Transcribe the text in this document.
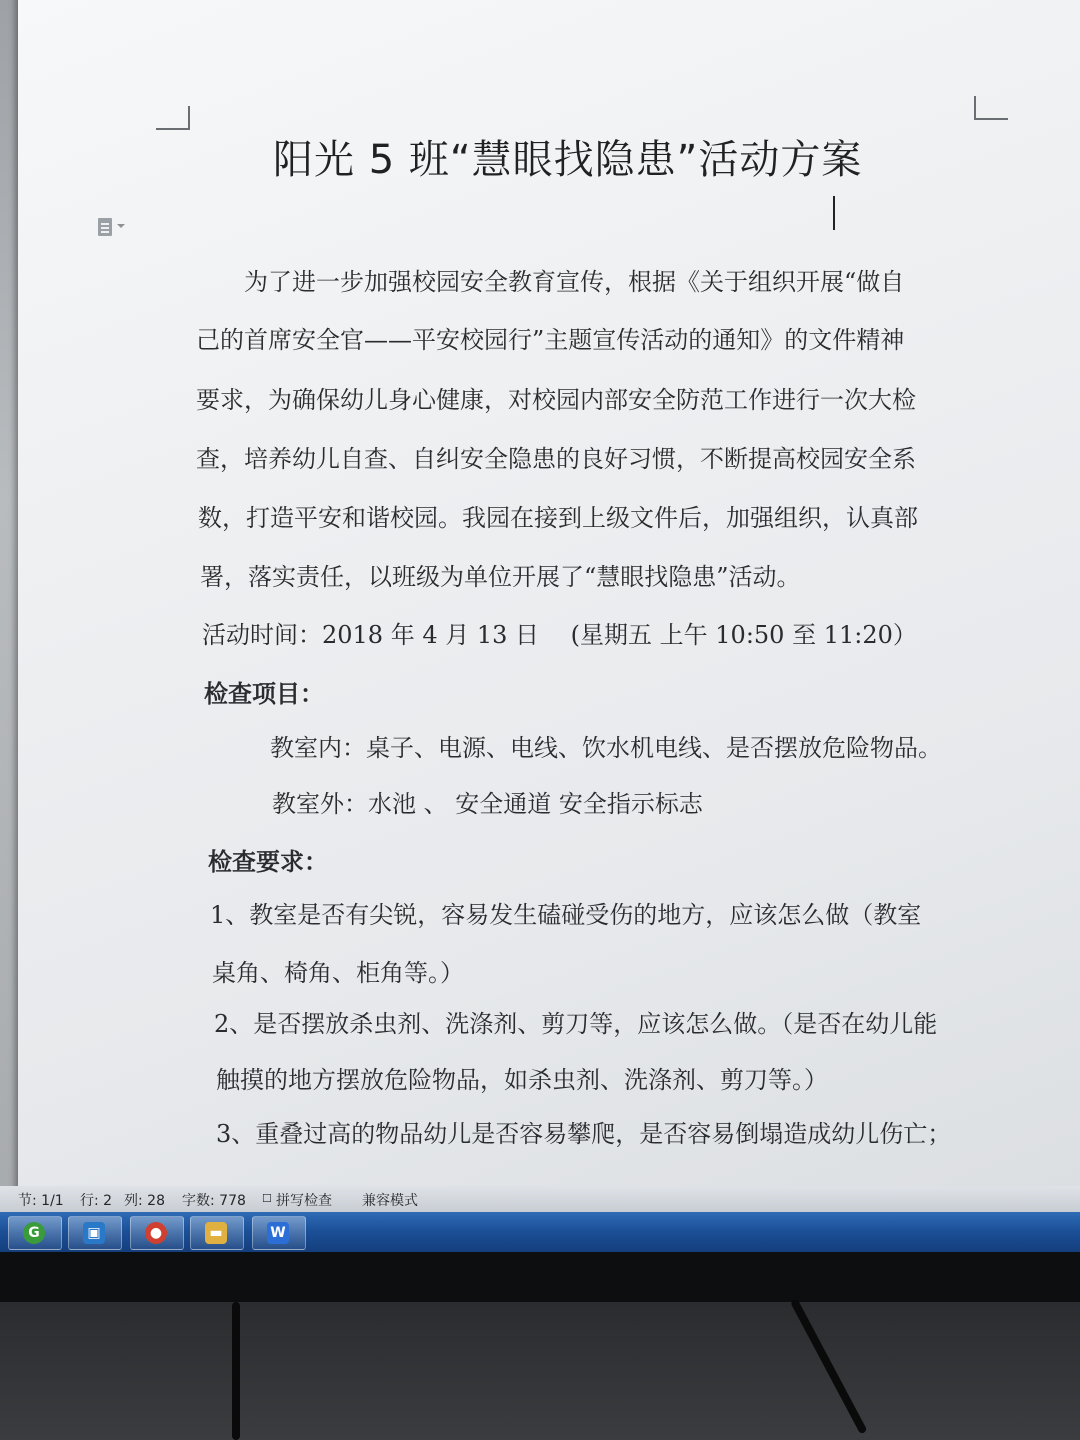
阳光 5 班“慧眼找隐患”活动方案
为了进一步加强校园安全教育宣传，根据《关于组织开展“做自
己的首席安全官——平安校园行”主题宣传活动的通知》的文件精神
要求，为确保幼儿身心健康，对校园内部安全防范工作进行一次大检
查，培养幼儿自查、自纠安全隐患的良好习惯，不断提高校园安全系
数，打造平安和谐校园。我园在接到上级文件后，加强组织，认真部
署，落实责任，以班级为单位开展了“慧眼找隐患”活动。
活动时间：2018 年 4 月 13 日　 (星期五 上午 10:50 至 11:20）
检查项目：
教室内：桌子、电源、电线、饮水机电线、是否摆放危险物品。
教室外：水池 、 安全通道 安全指示标志
检查要求：
1、教室是否有尖锐，容易发生磕碰受伤的地方，应该怎么做（教室
桌角、椅角、柜角等。）
2、是否摆放杀虫剂、洗涤剂、剪刀等，应该怎么做。（是否在幼儿能
触摸的地方摆放危险物品，如杀虫剂、洗涤剂、剪刀等。）
3、重叠过高的物品幼儿是否容易攀爬，是否容易倒塌造成幼儿伤亡；
节: 1/1 行: 2 列: 28 字数: 778 ☐ 拼写检查 兼容模式
G	▣	●	▬	W
